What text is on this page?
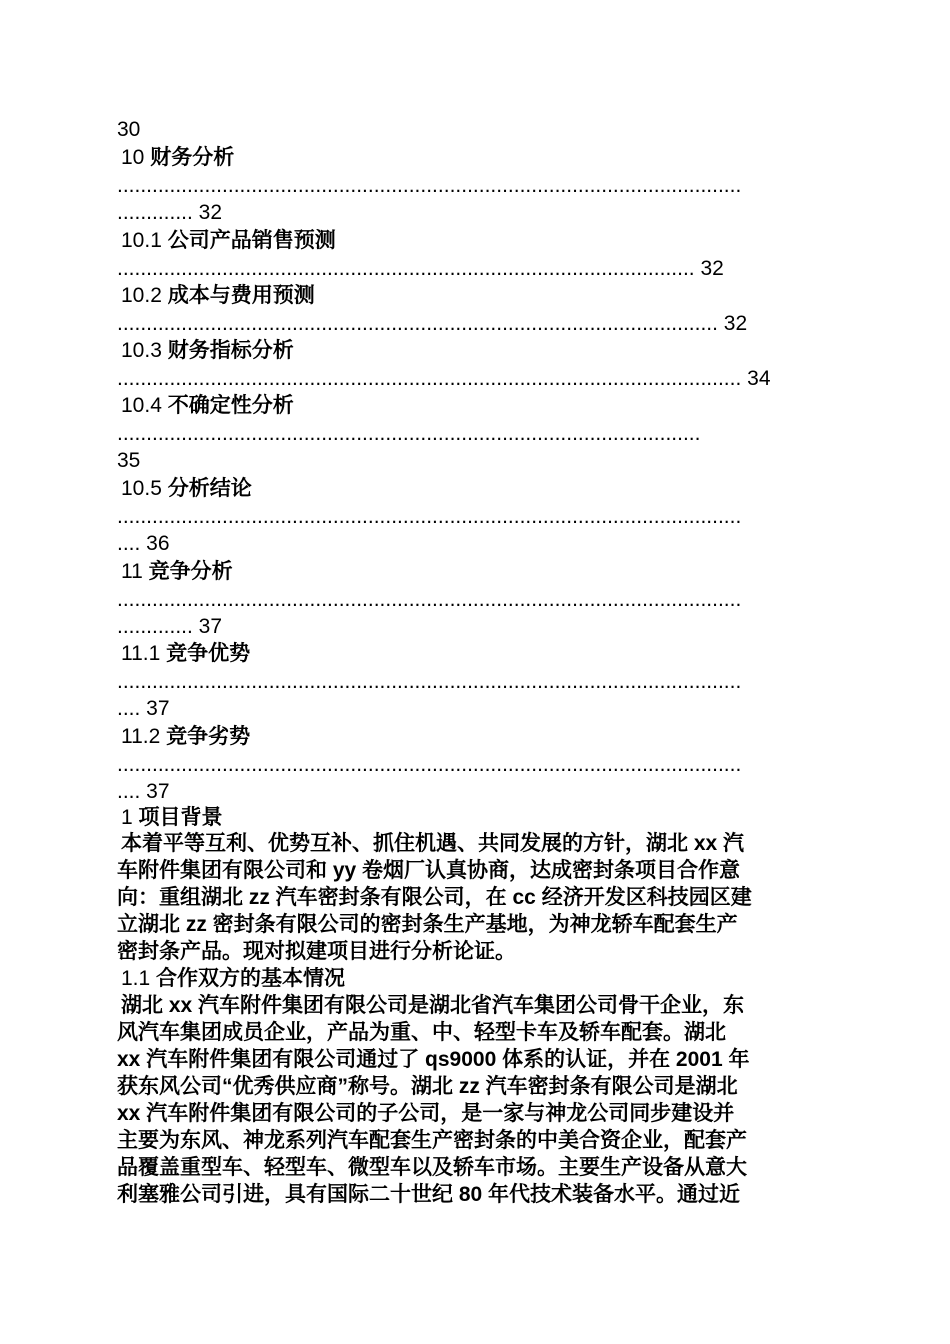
30
10 财务分析
...........................................................................................................
............. 32
10.1 公司产品销售预测
................................................................................................... 32
10.2 成本与费用预测
....................................................................................................... 32
10.3 财务指标分析
........................................................................................................... 34
10.4 不确定性分析
....................................................................................................
35
10.5 分析结论
...........................................................................................................
.... 36
11 竞争分析
...........................................................................................................
............. 37
11.1 竞争优势
...........................................................................................................
.... 37
11.2 竞争劣势
...........................................................................................................
.... 37
1 项目背景
本着平等互利、优势互补、抓住机遇、共同发展的方针，湖北 xx 汽
车附件集团有限公司和 yy 卷烟厂认真协商，达成密封条项目合作意
向：重组湖北 zz 汽车密封条有限公司，在 cc 经济开发区科技园区建
立湖北 zz 密封条有限公司的密封条生产基地，为神龙轿车配套生产
密封条产品。现对拟建项目进行分析论证。
1.1 合作双方的基本情况
湖北 xx 汽车附件集团有限公司是湖北省汽车集团公司骨干企业，东
风汽车集团成员企业，产品为重、中、轻型卡车及轿车配套。湖北
xx 汽车附件集团有限公司通过了 qs9000 体系的认证，并在 2001 年
获东风公司“优秀供应商”称号。湖北 zz 汽车密封条有限公司是湖北
xx 汽车附件集团有限公司的子公司，是一家与神龙公司同步建设并
主要为东风、神龙系列汽车配套生产密封条的中美合资企业，配套产
品覆盖重型车、轻型车、微型车以及轿车市场。主要生产设备从意大
利塞雅公司引进，具有国际二十世纪 80 年代技术装备水平。通过近
